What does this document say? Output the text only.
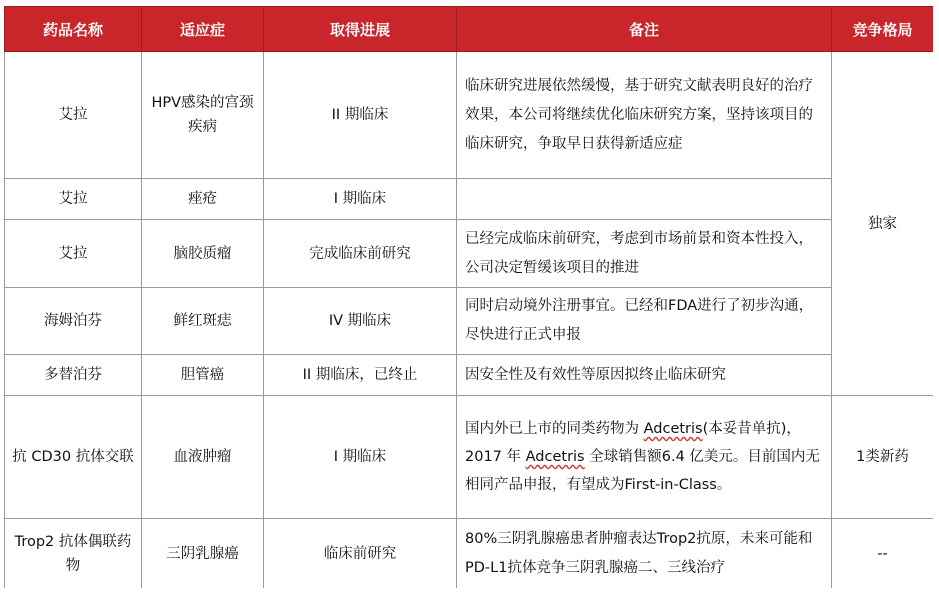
药品名称	适应症	取得进展	备注	竞争格局
艾拉	HPV感染的宫颈疾病	II 期临床	临床研究进展依然缓慢，基于研究文献表明良好的治疗效果，本公司将继续优化临床研究方案，坚持该项目的临床研究，争取早日获得新适应症	独家
艾拉	痤疮	I 期临床		
艾拉	脑胶质瘤	完成临床前研究	已经完成临床前研究，考虑到市场前景和资本性投入，公司决定暂缓该项目的推进	
海姆泊芬	鲜红斑痣	IV 期临床	同时启动境外注册事宜。已经和FDA进行了初步沟通，尽快进行正式申报	
多替泊芬	胆管癌	II 期临床，已终止	因安全性及有效性等原因拟终止临床研究	
抗 CD30 抗体交联	血液肿瘤	I 期临床	国内外已上市的同类药物为 Adcetris(本妥昔单抗)，2017 年 Adcetris 全球销售额6.4 亿美元。目前国内无相同产品申报，有望成为First-in-Class。	1类新药
Trop2 抗体偶联药物	三阴乳腺癌	临床前研究	80%三阴乳腺癌患者肿瘤表达Trop2抗原，未来可能和PD-L1抗体竞争三阴乳腺癌二、三线治疗	--
